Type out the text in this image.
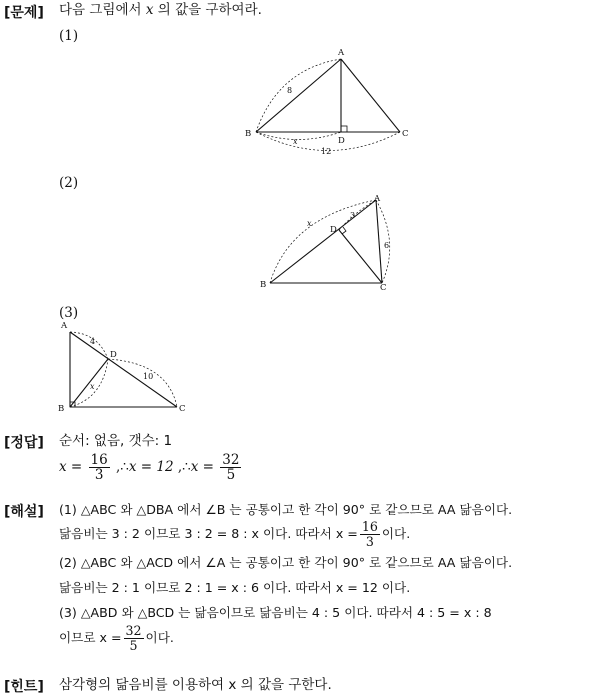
[문제] 다음 그림에서 x 의 값을 구하여라.
(1)
(2)
(3)
A
B	C
D
8
x
12
A
B	C
D
x
3
6
A
B	C
D
4
10
x
[정답] 순서: 없음, 갯수: 1
$x = \frac{16}{3}$ ,∴x = 12 ,∴x = $\frac{32}{5}$
[해설] (1) △ABC 와 △DBA 에서 ∠B 는 공통이고 한 각이 90° 로 같으므로 AA 닮음이다.
닮음비는 3 : 2 이므로 3 : 2 = 8 : x 이다. 따라서 $x = \frac{16}{3}$ 이다.
(2) △ABC 와 △ACD 에서 ∠A 는 공통이고 한 각이 90° 로 같으므로 AA 닮음이다.
닮음비는 2 : 1 이므로 2 : 1 = x : 6 이다. 따라서 x = 12 이다.
(3) △ABD 와 △BCD 는 닮음이므로 닮음비는 4 : 5 이다. 따라서 4 : 5 = x : 8
이므로 $x = \frac{32}{5}$ 이다.
[힌트] 삼각형의 닮음비를 이용하여 x 의 값을 구한다.
